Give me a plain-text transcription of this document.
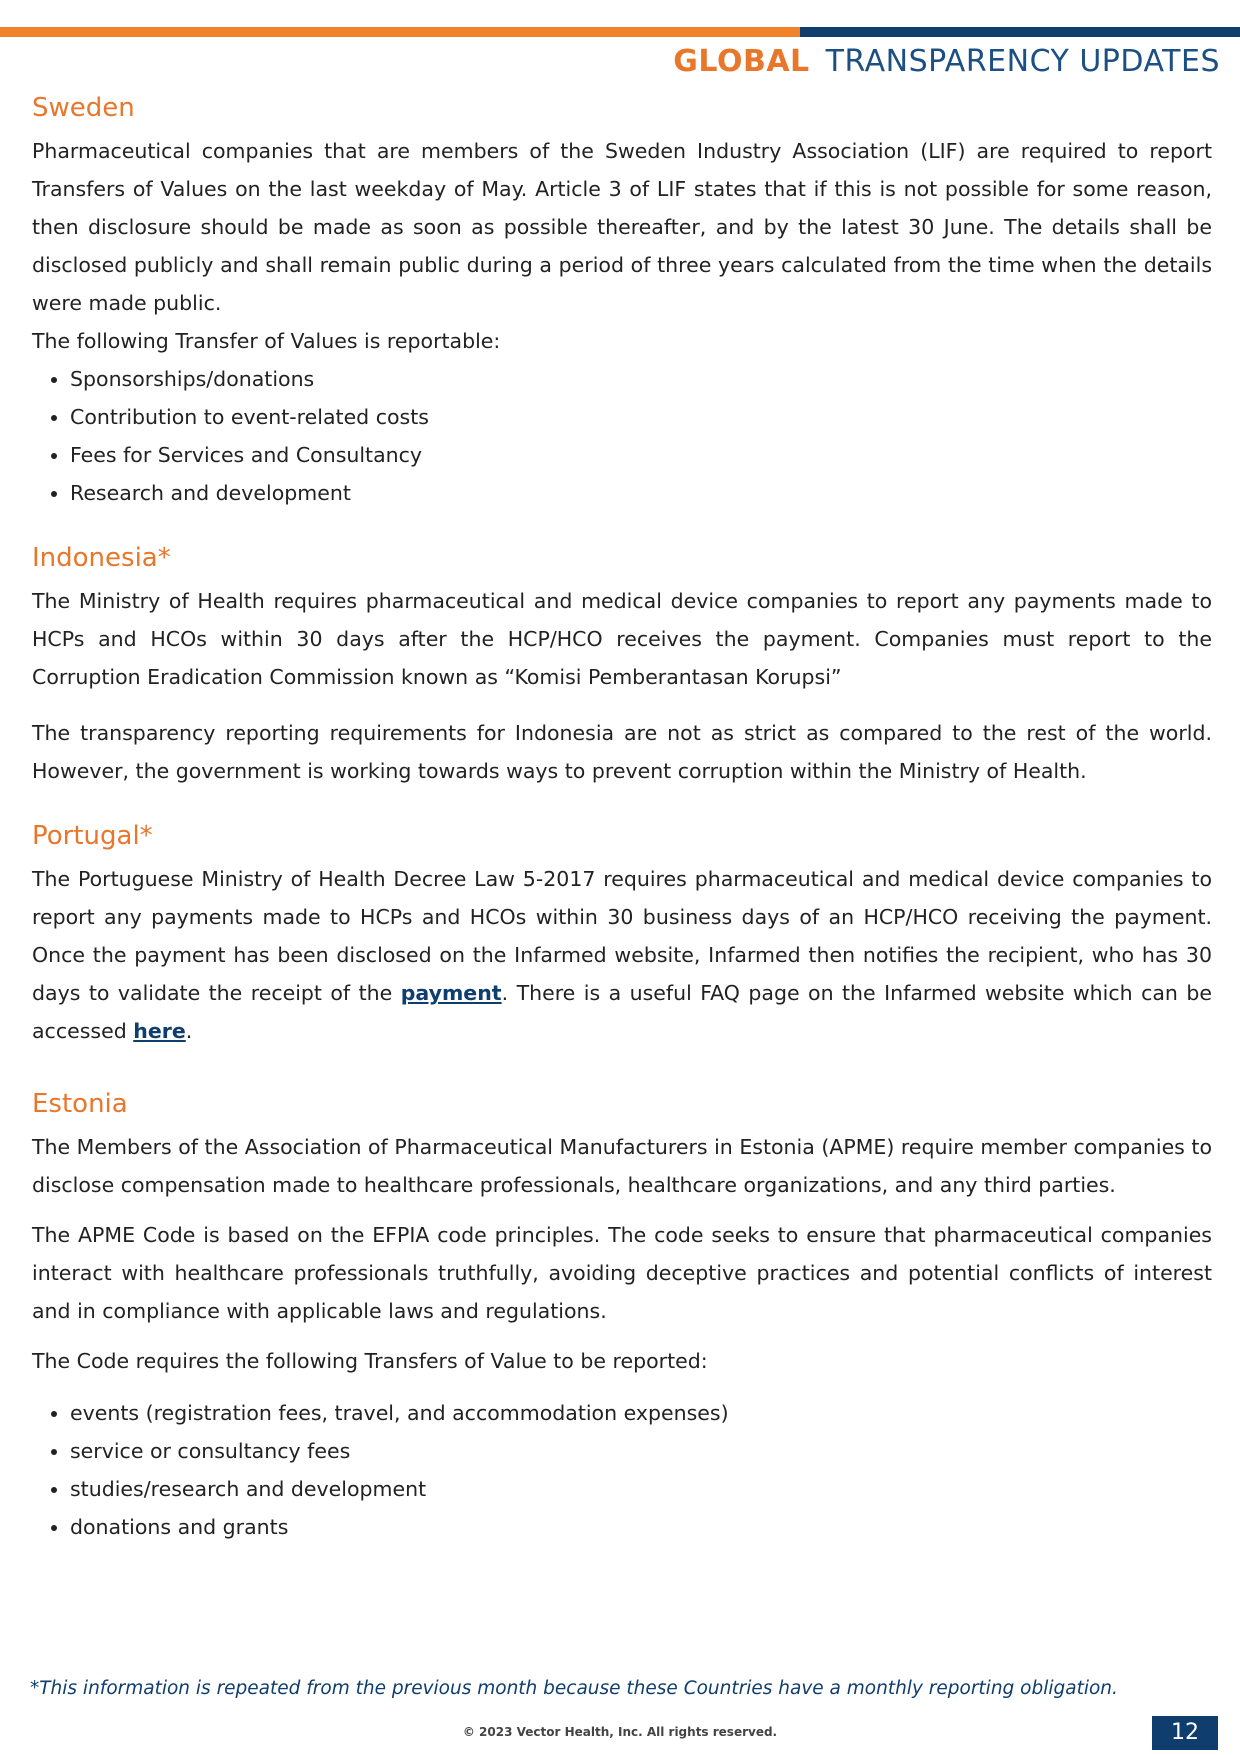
GLOBAL TRANSPARENCY UPDATES
Sweden

Pharmaceutical companies that are members of the Sweden Industry Association (LIF) are required to report Transfers of Values on the last weekday of May. Article 3 of LIF states that if this is not possible for some reason, then disclosure should be made as soon as possible thereafter, and by the latest 30 June. The details shall be disclosed publicly and shall remain public during a period of three years calculated from the time when the details were made public.

The following Transfer of Values is reportable:

• Sponsorships/donations
• Contribution to event-related costs
• Fees for Services and Consultancy
• Research and development
Indonesia*

The Ministry of Health requires pharmaceutical and medical device companies to report any payments made to HCPs and HCOs within 30 days after the HCP/HCO receives the payment. Companies must report to the Corruption Eradication Commission known as “Komisi Pemberantasan Korupsi”

The transparency reporting requirements for Indonesia are not as strict as compared to the rest of the world. However, the government is working towards ways to prevent corruption within the Ministry of Health.

Portugal*

The Portuguese Ministry of Health Decree Law 5-2017 requires pharmaceutical and medical device companies to report any payments made to HCPs and HCOs within 30 business days of an HCP/HCO receiving the payment. Once the payment has been disclosed on the Infarmed website, Infarmed then notifies the recipient, who has 30 days to validate the receipt of the payment. There is a useful FAQ page on the Infarmed website which can be accessed here.

Estonia

The Members of the Association of Pharmaceutical Manufacturers in Estonia (APME) require member companies to disclose compensation made to healthcare professionals, healthcare organizations, and any third parties.

The APME Code is based on the EFPIA code principles. The code seeks to ensure that pharmaceutical companies interact with healthcare professionals truthfully, avoiding deceptive practices and potential conflicts of interest and in compliance with applicable laws and regulations.

The Code requires the following Transfers of Value to be reported:

• events (registration fees, travel, and accommodation expenses)
• service or consultancy fees
• studies/research and development
• donations and grants
*This information is repeated from the previous month because these Countries have a monthly reporting obligation.
© 2023 Vector Health, Inc. All rights reserved.	12
